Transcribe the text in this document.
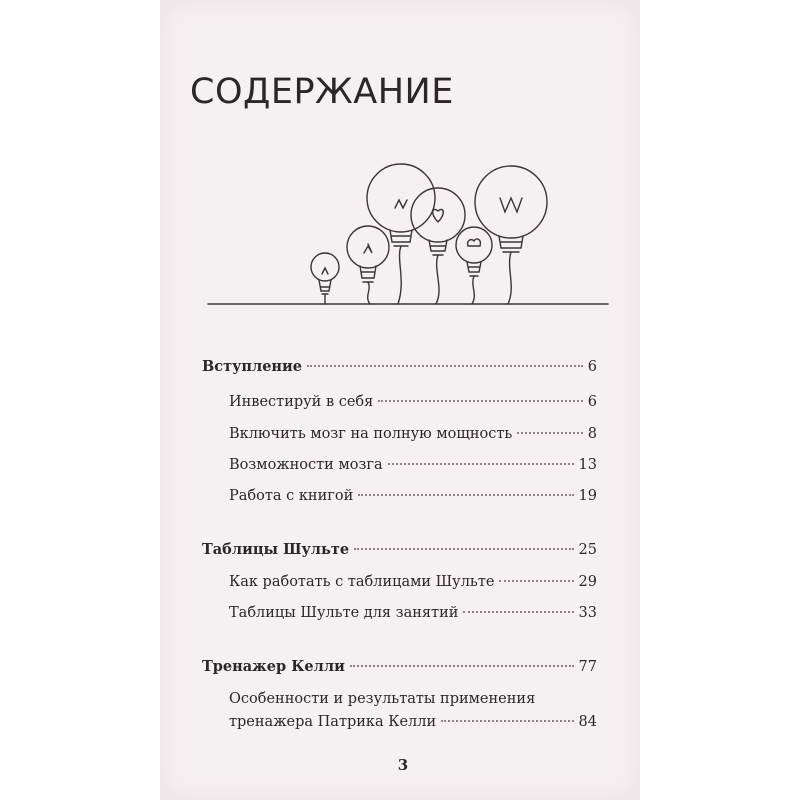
СОДЕРЖАНИЕ
Вступление	6
Инвестируй в себя	6
Включить мозг на полную мощность	8
Возможности мозга	13
Работа с книгой	19
Таблицы Шульте	25
Как работать с таблицами Шульте	29
Таблицы Шульте для занятий	33
Тренажер Келли	77
Особенности и результаты применения
тренажера Патрика Келли	84
3
